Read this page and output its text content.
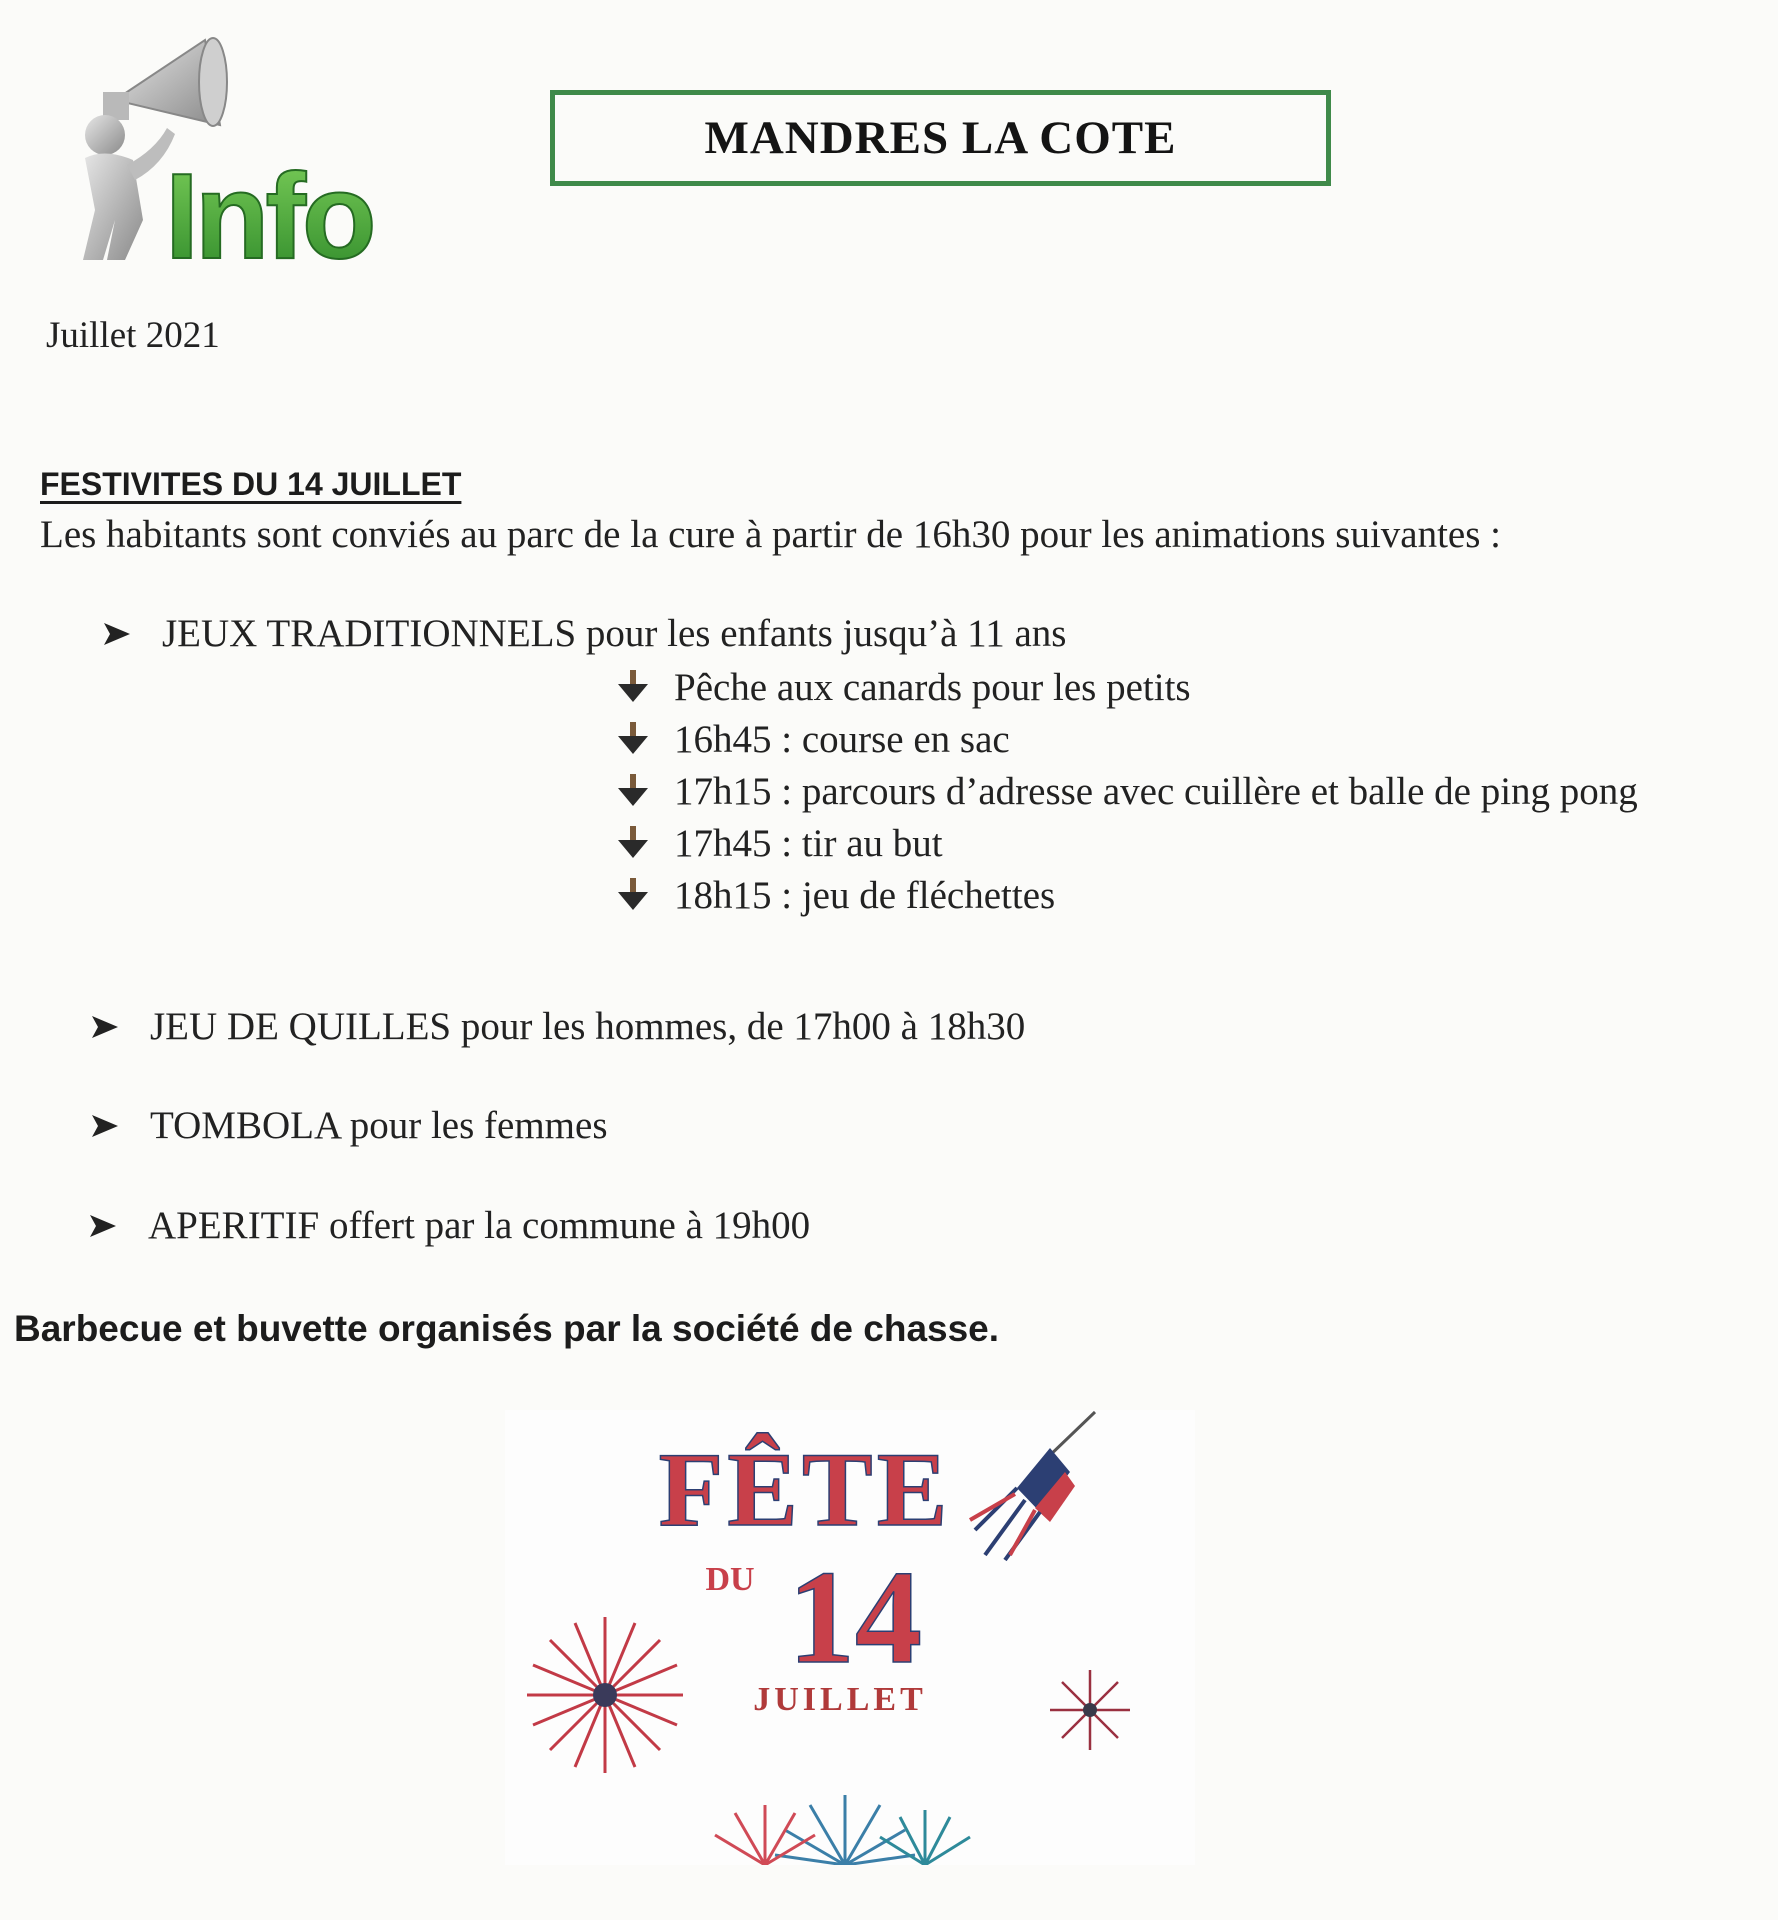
Info
MANDRES LA COTE
Juillet 2021
FESTIVITES DU 14 JUILLET
Les habitants sont conviés au parc de la cure à partir de 16h30 pour les animations suivantes :
JEUX TRADITIONNELS pour les enfants jusqu’à 11 ans
Pêche aux canards pour les petits
16h45 : course en sac
17h15 : parcours d’adresse avec cuillère et balle de ping pong
17h45 : tir au but
18h15 : jeu de fléchettes
JEU DE QUILLES pour les hommes, de 17h00 à 18h30
TOMBOLA pour les femmes
APERITIF offert par la commune à 19h00
Barbecue et buvette organisés par la société de chasse.
FÊTE
DU 14
JUILLET
